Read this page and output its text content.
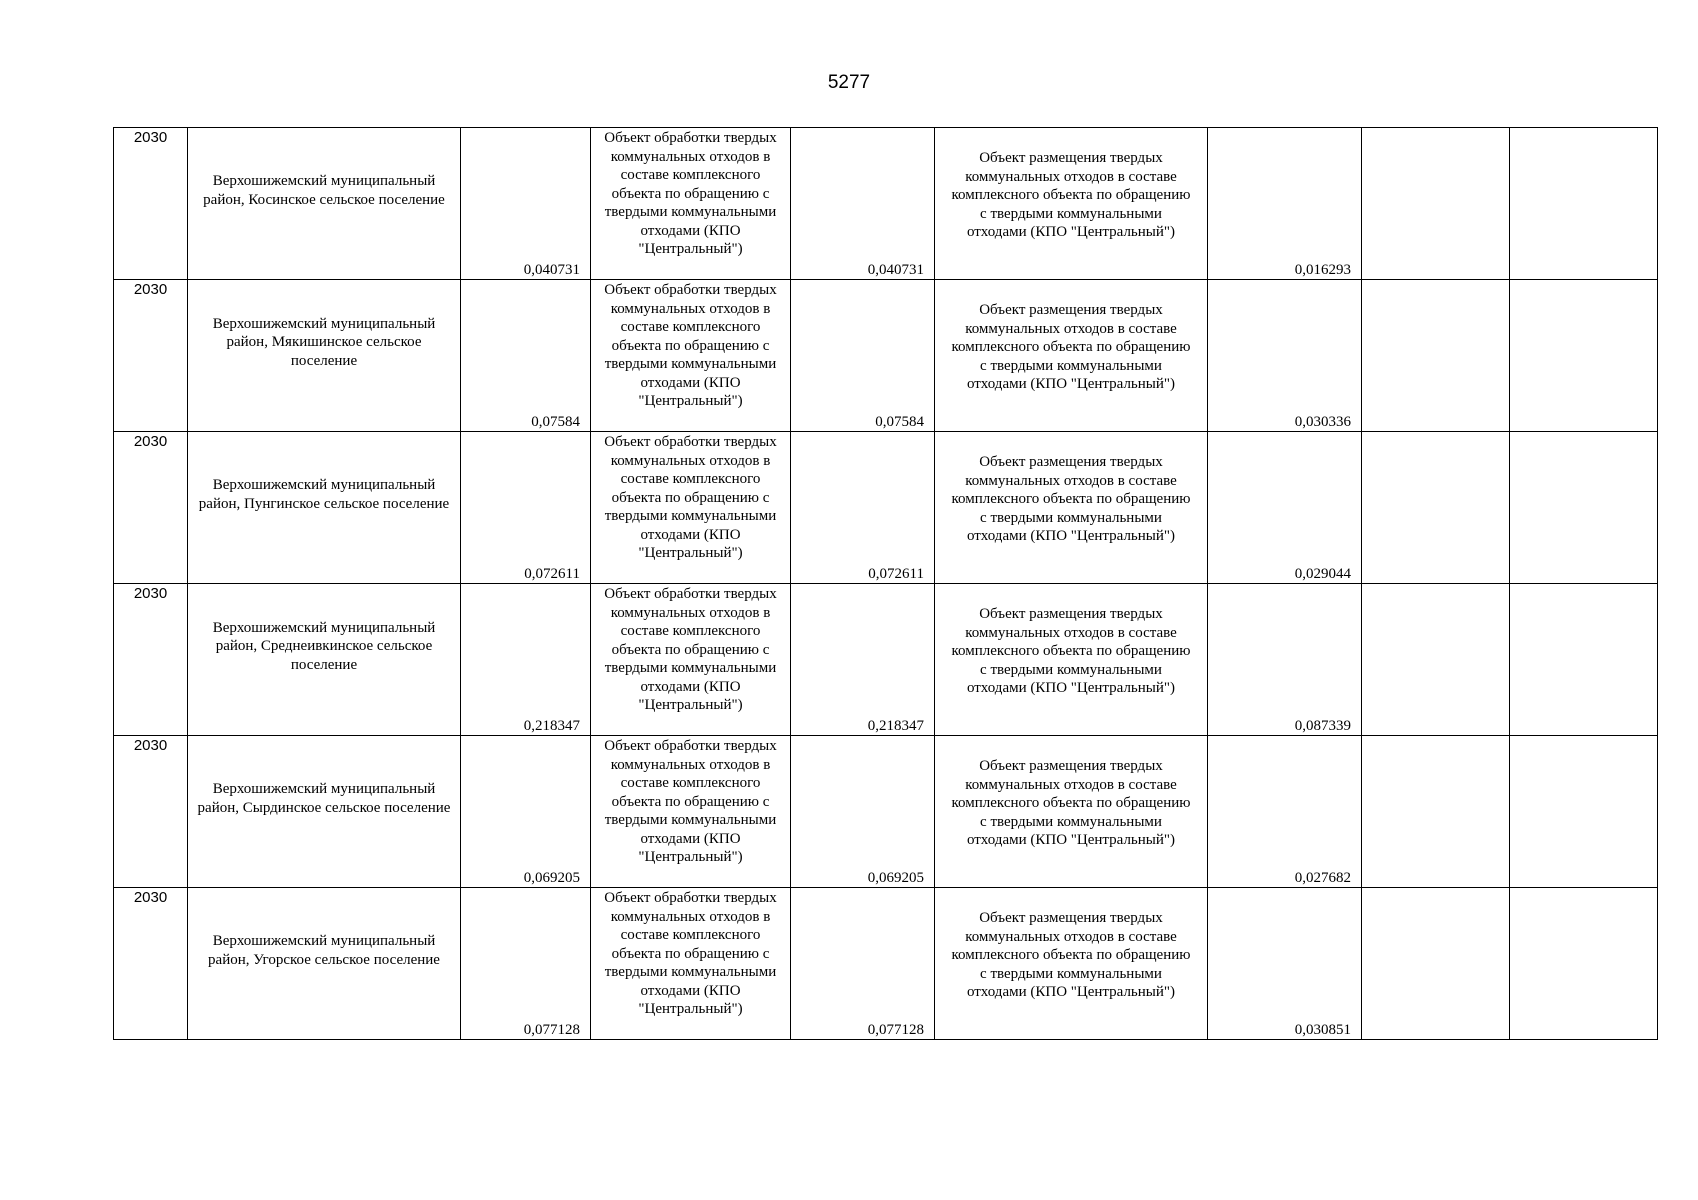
5277
2030	Верхошижемский муниципальный район, Косинское сельское поселение	0,040731	Объект обработки твердых коммунальных отходов в составе комплексного объекта по обращению с твердыми коммунальными отходами (КПО "Центральный")	0,040731	Объект размещения твердых коммунальных отходов в составе комплексного объекта по обращению с твердыми коммунальными отходами (КПО "Центральный")	0,016293		
2030	Верхошижемский муниципальный район, Мякишинское сельское поселение	0,07584	Объект обработки твердых коммунальных отходов в составе комплексного объекта по обращению с твердыми коммунальными отходами (КПО "Центральный")	0,07584	Объект размещения твердых коммунальных отходов в составе комплексного объекта по обращению с твердыми коммунальными отходами (КПО "Центральный")	0,030336		
2030	Верхошижемский муниципальный район, Пунгинское сельское поселение	0,072611	Объект обработки твердых коммунальных отходов в составе комплексного объекта по обращению с твердыми коммунальными отходами (КПО "Центральный")	0,072611	Объект размещения твердых коммунальных отходов в составе комплексного объекта по обращению с твердыми коммунальными отходами (КПО "Центральный")	0,029044		
2030	Верхошижемский муниципальный район, Среднеивкинское сельское поселение	0,218347	Объект обработки твердых коммунальных отходов в составе комплексного объекта по обращению с твердыми коммунальными отходами (КПО "Центральный")	0,218347	Объект размещения твердых коммунальных отходов в составе комплексного объекта по обращению с твердыми коммунальными отходами (КПО "Центральный")	0,087339		
2030	Верхошижемский муниципальный район, Сырдинское сельское поселение	0,069205	Объект обработки твердых коммунальных отходов в составе комплексного объекта по обращению с твердыми коммунальными отходами (КПО "Центральный")	0,069205	Объект размещения твердых коммунальных отходов в составе комплексного объекта по обращению с твердыми коммунальными отходами (КПО "Центральный")	0,027682		
2030	Верхошижемский муниципальный район, Угорское сельское поселение	0,077128	Объект обработки твердых коммунальных отходов в составе комплексного объекта по обращению с твердыми коммунальными отходами (КПО "Центральный")	0,077128	Объект размещения твердых коммунальных отходов в составе комплексного объекта по обращению с твердыми коммунальными отходами (КПО "Центральный")	0,030851		
